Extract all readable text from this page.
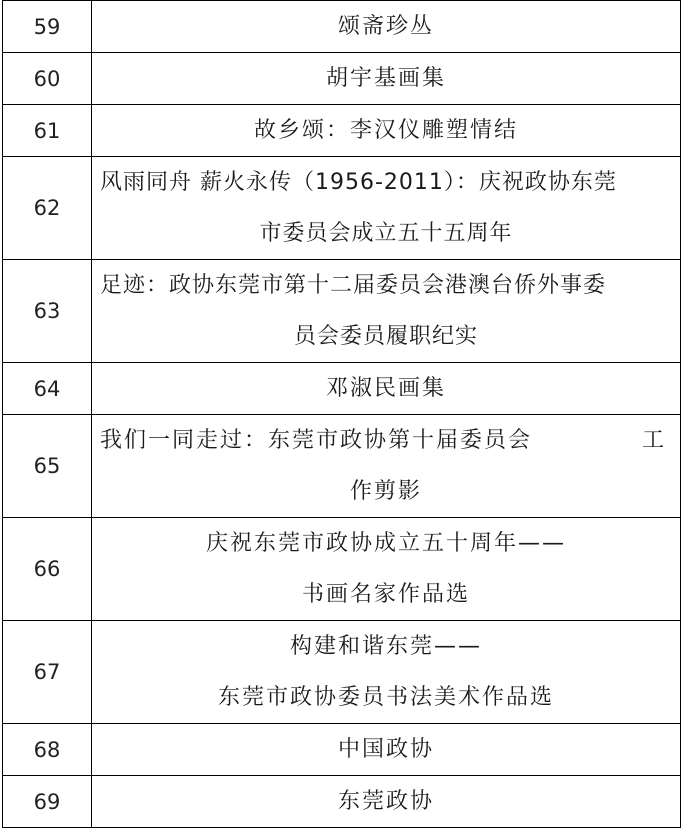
59	颂斋珍丛

60	胡宇基画集

61	故乡颂：李汉仪雕塑情结

62	风雨同舟 薪火永传（1956-2011）：庆祝政协东莞
市委员会成立五十五周年

63	足迹：政协东莞市第十二届委员会港澳台侨外事委
员会委员履职纪实

64	邓淑民画集

65	我们一同走过：东莞市政协第十届委员会 工
作剪影

66	庆祝东莞市政协成立五十周年——
书画名家作品选

67	构建和谐东莞——
东莞市政协委员书法美术作品选

68	中国政协

69	东莞政协
